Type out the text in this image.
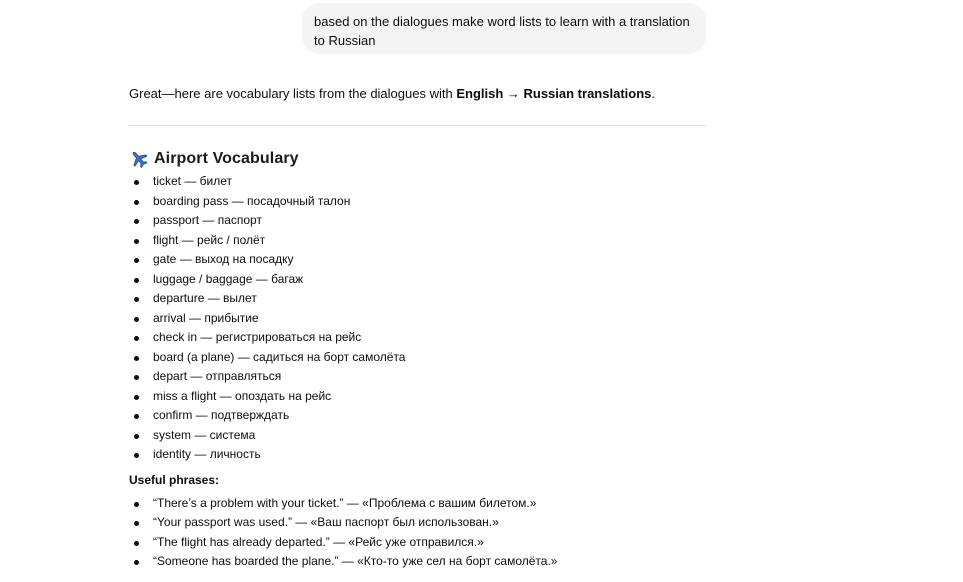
based on the dialogues make word lists to learn with a translation to Russian

Great—here are vocabulary lists from the dialogues with English → Russian translations.

Airport Vocabulary
ticket — билет
boarding pass — посадочный талон
passport — паспорт
flight — рейс / полёт
gate — выход на посадку
luggage / baggage — багаж
departure — вылет
arrival — прибытие
check in — регистрироваться на рейс
board (a plane) — садиться на борт самолёта
depart — отправляться
miss a flight — опоздать на рейс
confirm — подтверждать
system — система
identity — личность

Useful phrases:

“There’s a problem with your ticket.” — «Проблема с вашим билетом.»
“Your passport was used.” — «Ваш паспорт был использован.»
“The flight has already departed.” — «Рейс уже отправился.»
“Someone has boarded the plane.” — «Кто-то уже сел на борт самолёта.»
